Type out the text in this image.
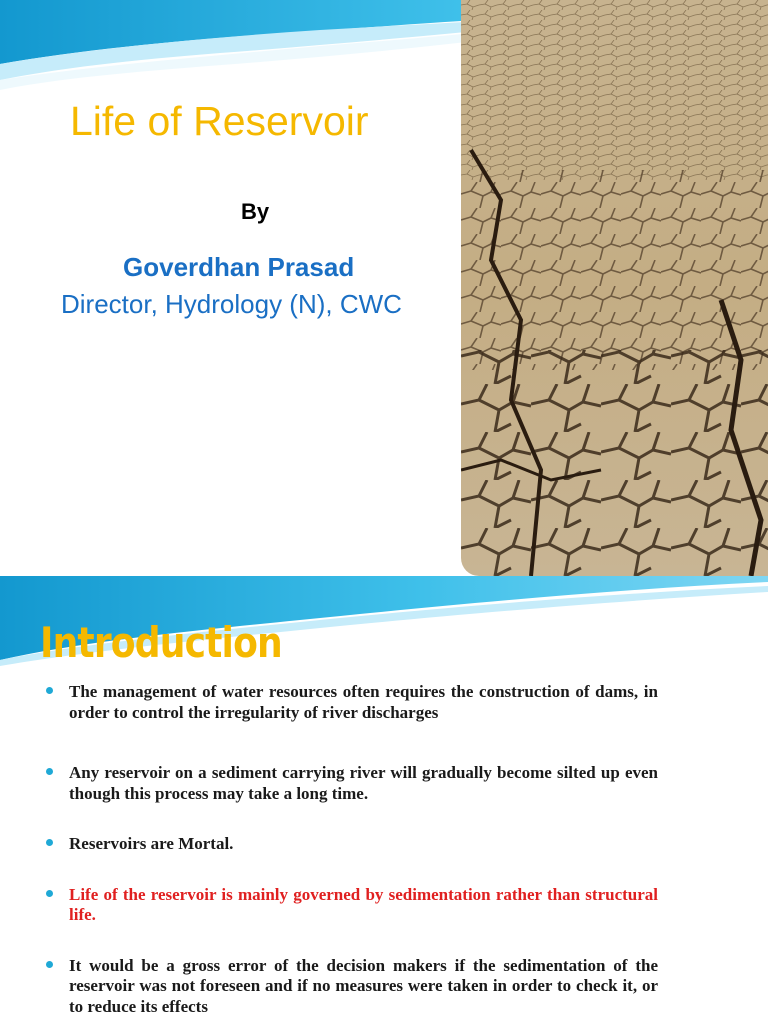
Life of Reservoir
By
Goverdhan Prasad
Director, Hydrology (N), CWC
Introduction
The management of water resources often requires the construction of dams, in order to control the irregularity of river discharges
Any reservoir on a sediment carrying river will gradually become silted up even though this process may take a long time.
Reservoirs are Mortal.
Life of the reservoir is mainly governed by sedimentation rather than structural life.
It would be a gross error of the decision makers if the sedimentation of the reservoir was not foreseen and if no measures were taken in order to check it, or to reduce its effects
